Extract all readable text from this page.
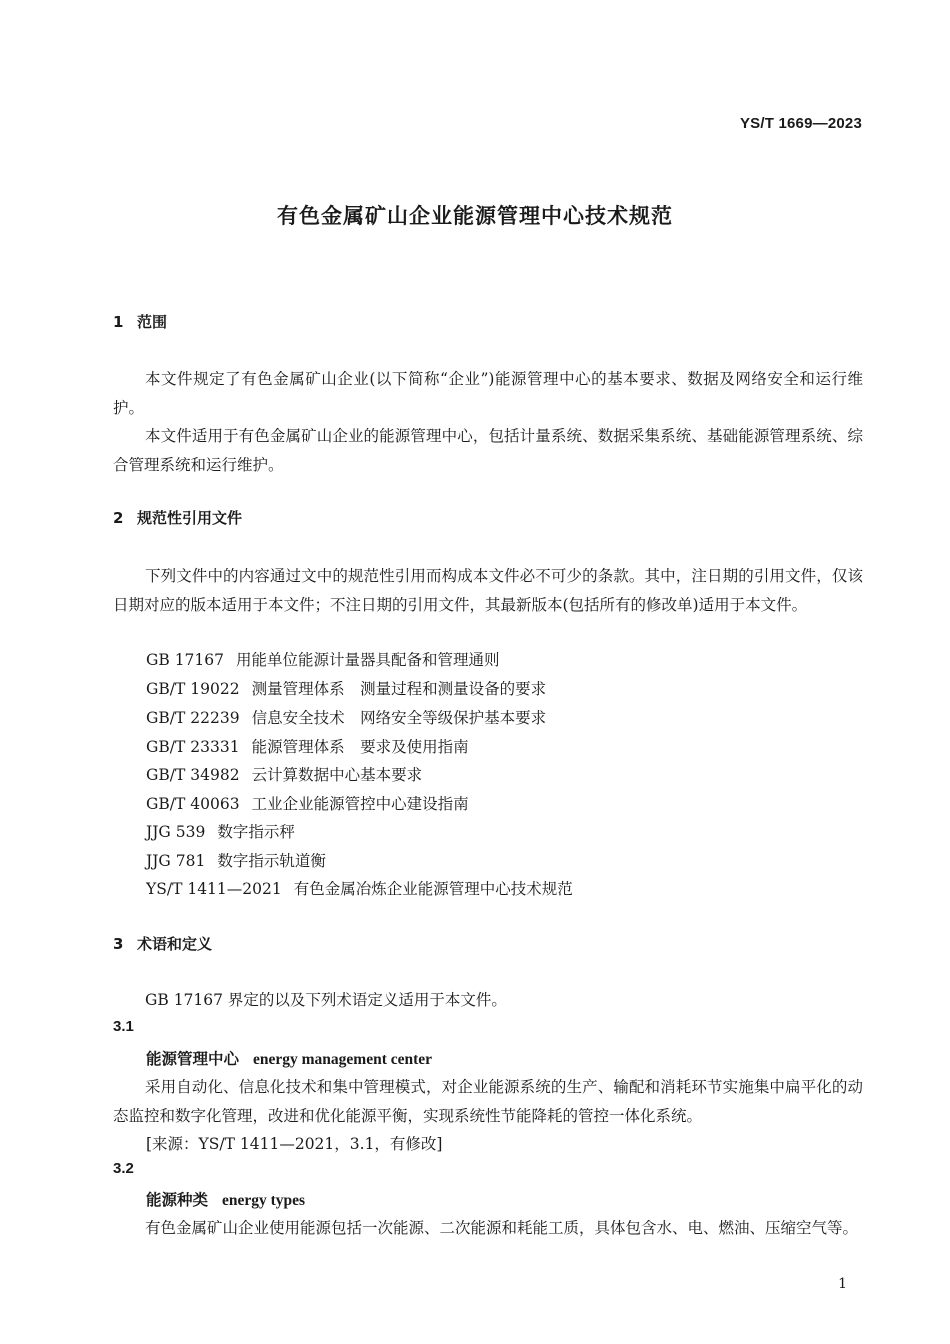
YS/T 1669—2023
有色金属矿山企业能源管理中心技术规范
1 范围
本文件规定了有色金属矿山企业(以下简称“企业”)能源管理中心的基本要求、数据及网络安全和运行维护。
本文件适用于有色金属矿山企业的能源管理中心，包括计量系统、数据采集系统、基础能源管理系统、综合管理系统和运行维护。
2 规范性引用文件
下列文件中的内容通过文中的规范性引用而构成本文件必不可少的条款。其中，注日期的引用文件，仅该日期对应的版本适用于本文件；不注日期的引用文件，其最新版本(包括所有的修改单)适用于本文件。
GB 17167 用能单位能源计量器具配备和管理通则
GB/T 19022 测量管理体系　测量过程和测量设备的要求
GB/T 22239 信息安全技术　网络安全等级保护基本要求
GB/T 23331 能源管理体系　要求及使用指南
GB/T 34982 云计算数据中心基本要求
GB/T 40063 工业企业能源管控中心建设指南
JJG 539 数字指示秤
JJG 781 数字指示轨道衡
YS/T 1411—2021 有色金属冶炼企业能源管理中心技术规范
3 术语和定义
GB 17167 界定的以及下列术语定义适用于本文件。
3.1
能源管理中心 energy management center
采用自动化、信息化技术和集中管理模式，对企业能源系统的生产、输配和消耗环节实施集中扁平化的动态监控和数字化管理，改进和优化能源平衡，实现系统性节能降耗的管控一体化系统。
[来源：YS/T 1411—2021，3.1，有修改]
3.2
能源种类 energy types
有色金属矿山企业使用能源包括一次能源、二次能源和耗能工质，具体包含水、电、燃油、压缩空气等。
1
